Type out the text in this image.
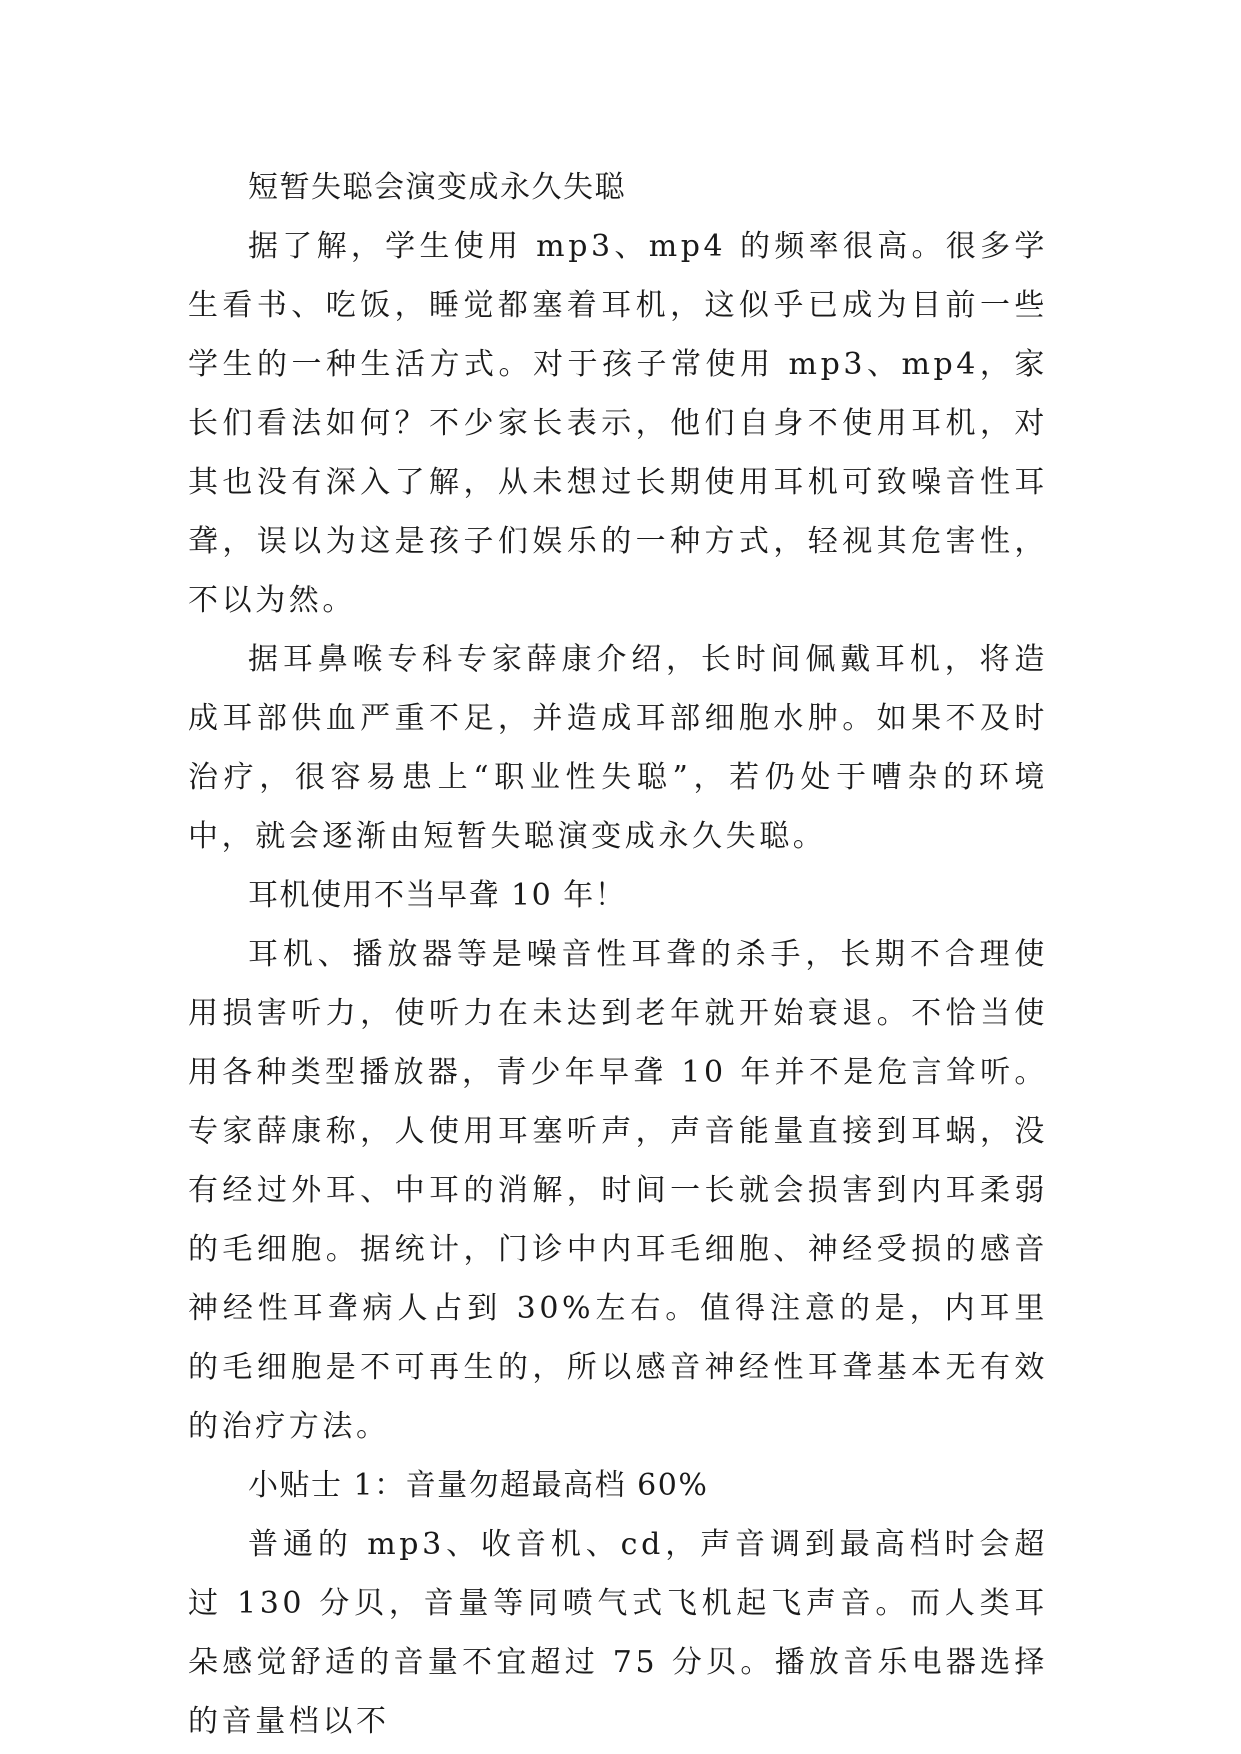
短暂失聪会演变成永久失聪

据了解，学生使用 mp3、mp4 的频率很高。很多学生看书、吃饭，睡觉都塞着耳机，这似乎已成为目前一些学生的一种生活方式。对于孩子常使用 mp3、mp4，家长们看法如何？不少家长表示，他们自身不使用耳机，对其也没有深入了解，从未想过长期使用耳机可致噪音性耳聋，误以为这是孩子们娱乐的一种方式，轻视其危害性，不以为然。

据耳鼻喉专科专家薛康介绍，长时间佩戴耳机，将造成耳部供血严重不足，并造成耳部细胞水肿。如果不及时治疗，很容易患上“职业性失聪”，若仍处于嘈杂的环境中，就会逐渐由短暂失聪演变成永久失聪。

耳机使用不当早聋 10 年！

耳机、播放器等是噪音性耳聋的杀手，长期不合理使用损害听力，使听力在未达到老年就开始衰退。不恰当使用各种类型播放器，青少年早聋 10 年并不是危言耸听。专家薛康称，人使用耳塞听声，声音能量直接到耳蜗，没有经过外耳、中耳的消解，时间一长就会损害到内耳柔弱的毛细胞。据统计，门诊中内耳毛细胞、神经受损的感音神经性耳聋病人占到 30%左右。值得注意的是，内耳里的毛细胞是不可再生的，所以感音神经性耳聋基本无有效的治疗方法。

小贴士 1：音量勿超最高档 60%

普通的 mp3、收音机、cd，声音调到最高档时会超过 130 分贝，音量等同喷气式飞机起飞声音。而人类耳朵感觉舒适的音量不宜超过 75 分贝。播放音乐电器选择的音量档以不
